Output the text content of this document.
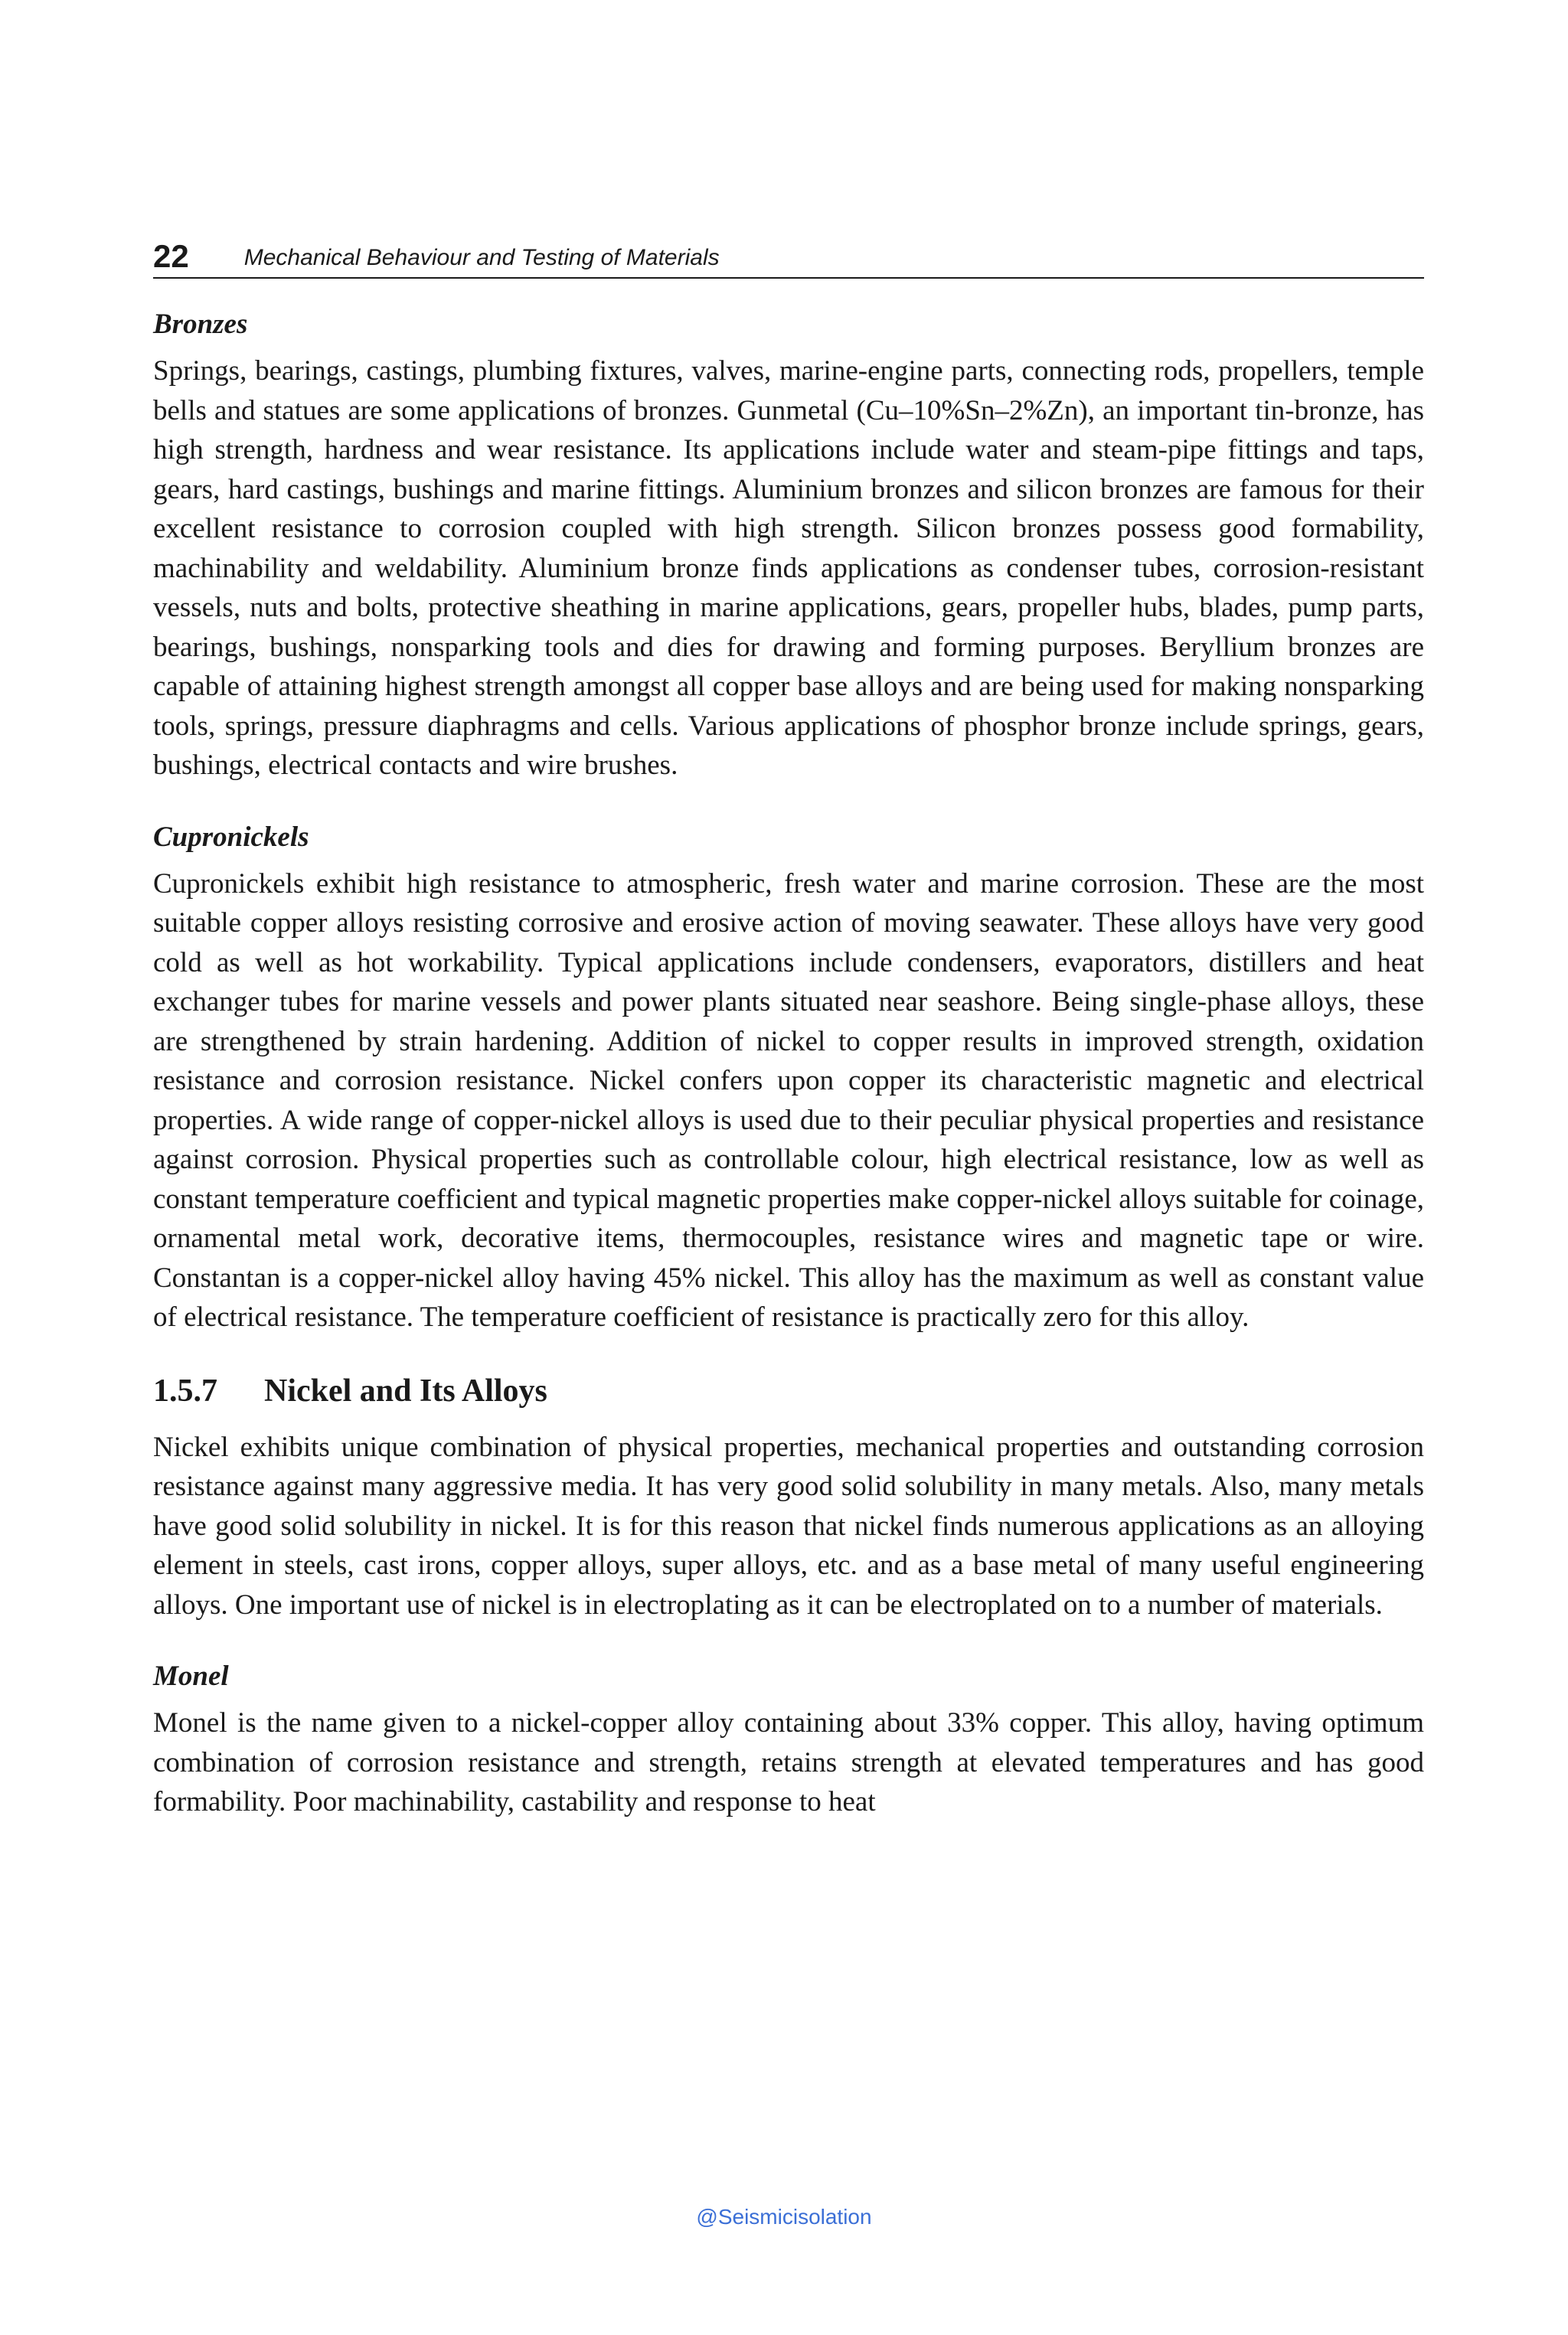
22 Mechanical Behaviour and Testing of Materials
Bronzes

Springs, bearings, castings, plumbing fixtures, valves, marine-engine parts, connecting rods, propellers, temple bells and statues are some applications of bronzes. Gunmetal (Cu–10%Sn–2%Zn), an important tin-bronze, has high strength, hardness and wear resistance. Its applications include water and steam-pipe fittings and taps, gears, hard castings, bushings and marine fittings. Aluminium bronzes and silicon bronzes are famous for their excellent resistance to corrosion coupled with high strength. Silicon bronzes possess good formability, machinability and weldability. Aluminium bronze finds applications as condenser tubes, corrosion-resistant vessels, nuts and bolts, protective sheathing in marine applications, gears, propeller hubs, blades, pump parts, bearings, bushings, nonsparking tools and dies for drawing and forming purposes. Beryllium bronzes are capable of attaining highest strength amongst all copper base alloys and are being used for making nonsparking tools, springs, pressure diaphragms and cells. Various applications of phosphor bronze include springs, gears, bushings, electrical contacts and wire brushes.

Cupronickels

Cupronickels exhibit high resistance to atmospheric, fresh water and marine corrosion. These are the most suitable copper alloys resisting corrosive and erosive action of moving seawater. These alloys have very good cold as well as hot workability. Typical applications include condensers, evaporators, distillers and heat exchanger tubes for marine vessels and power plants situated near seashore. Being single-phase alloys, these are strengthened by strain hardening. Addition of nickel to copper results in improved strength, oxidation resistance and corrosion resistance. Nickel confers upon copper its characteristic magnetic and electrical properties. A wide range of copper-nickel alloys is used due to their peculiar physical properties and resistance against corrosion. Physical properties such as controllable colour, high electrical resistance, low as well as constant temperature coefficient and typical magnetic properties make copper-nickel alloys suitable for coinage, ornamental metal work, decorative items, thermocouples, resistance wires and magnetic tape or wire. Constantan is a copper-nickel alloy having 45% nickel. This alloy has the maximum as well as constant value of electrical resistance. The temperature coefficient of resistance is practically zero for this alloy.

1.5.7	Nickel and Its Alloys

Nickel exhibits unique combination of physical properties, mechanical properties and outstanding corrosion resistance against many aggressive media. It has very good solid solubility in many metals. Also, many metals have good solid solubility in nickel. It is for this reason that nickel finds numerous applications as an alloying element in steels, cast irons, copper alloys, super alloys, etc. and as a base metal of many useful engineering alloys. One important use of nickel is in electroplating as it can be electroplated on to a number of materials.

Monel

Monel is the name given to a nickel-copper alloy containing about 33% copper. This alloy, having optimum combination of corrosion resistance and strength, retains strength at elevated temperatures and has good formability. Poor machinability, castability and response to heat

@Seismicisolation
